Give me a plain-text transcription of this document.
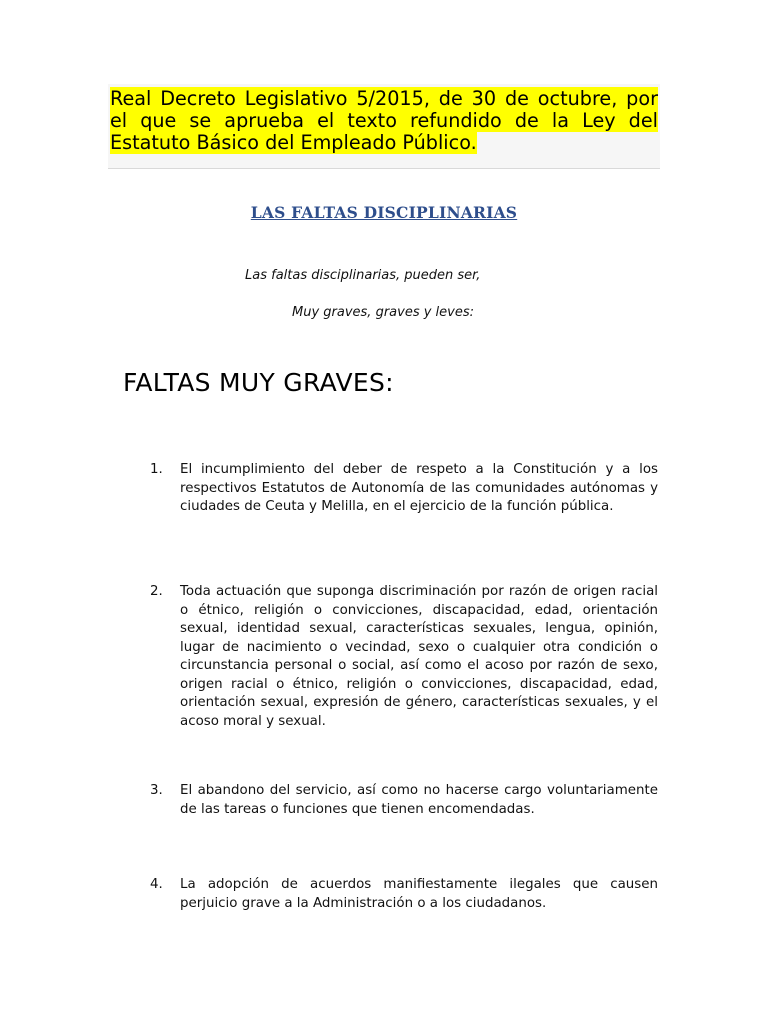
Real Decreto Legislativo 5/2015, de 30 de octubre, por el que se aprueba el texto refundido de la Ley del Estatuto Básico del Empleado Público.
LAS FALTAS DISCIPLINARIAS
Las faltas disciplinarias, pueden ser,
Muy graves, graves y leves:
FALTAS MUY GRAVES:
1.	El incumplimiento del deber de respeto a la Constitución y a los respectivos Estatutos de Autonomía de las comunidades autónomas y ciudades de Ceuta y Melilla, en el ejercicio de la función pública.
2.	Toda actuación que suponga discriminación por razón de origen racial o étnico, religión o convicciones, discapacidad, edad, orientación sexual, identidad sexual, características sexuales, lengua, opinión, lugar de nacimiento o vecindad, sexo o cualquier otra condición o circunstancia personal o social, así como el acoso por razón de sexo, origen racial o étnico, religión o convicciones, discapacidad, edad, orientación sexual, expresión de género, características sexuales, y el acoso moral y sexual.
3.	El abandono del servicio, así como no hacerse cargo voluntariamente de las tareas o funciones que tienen encomendadas.
4.	La adopción de acuerdos manifiestamente ilegales que causen perjuicio grave a la Administración o a los ciudadanos.
